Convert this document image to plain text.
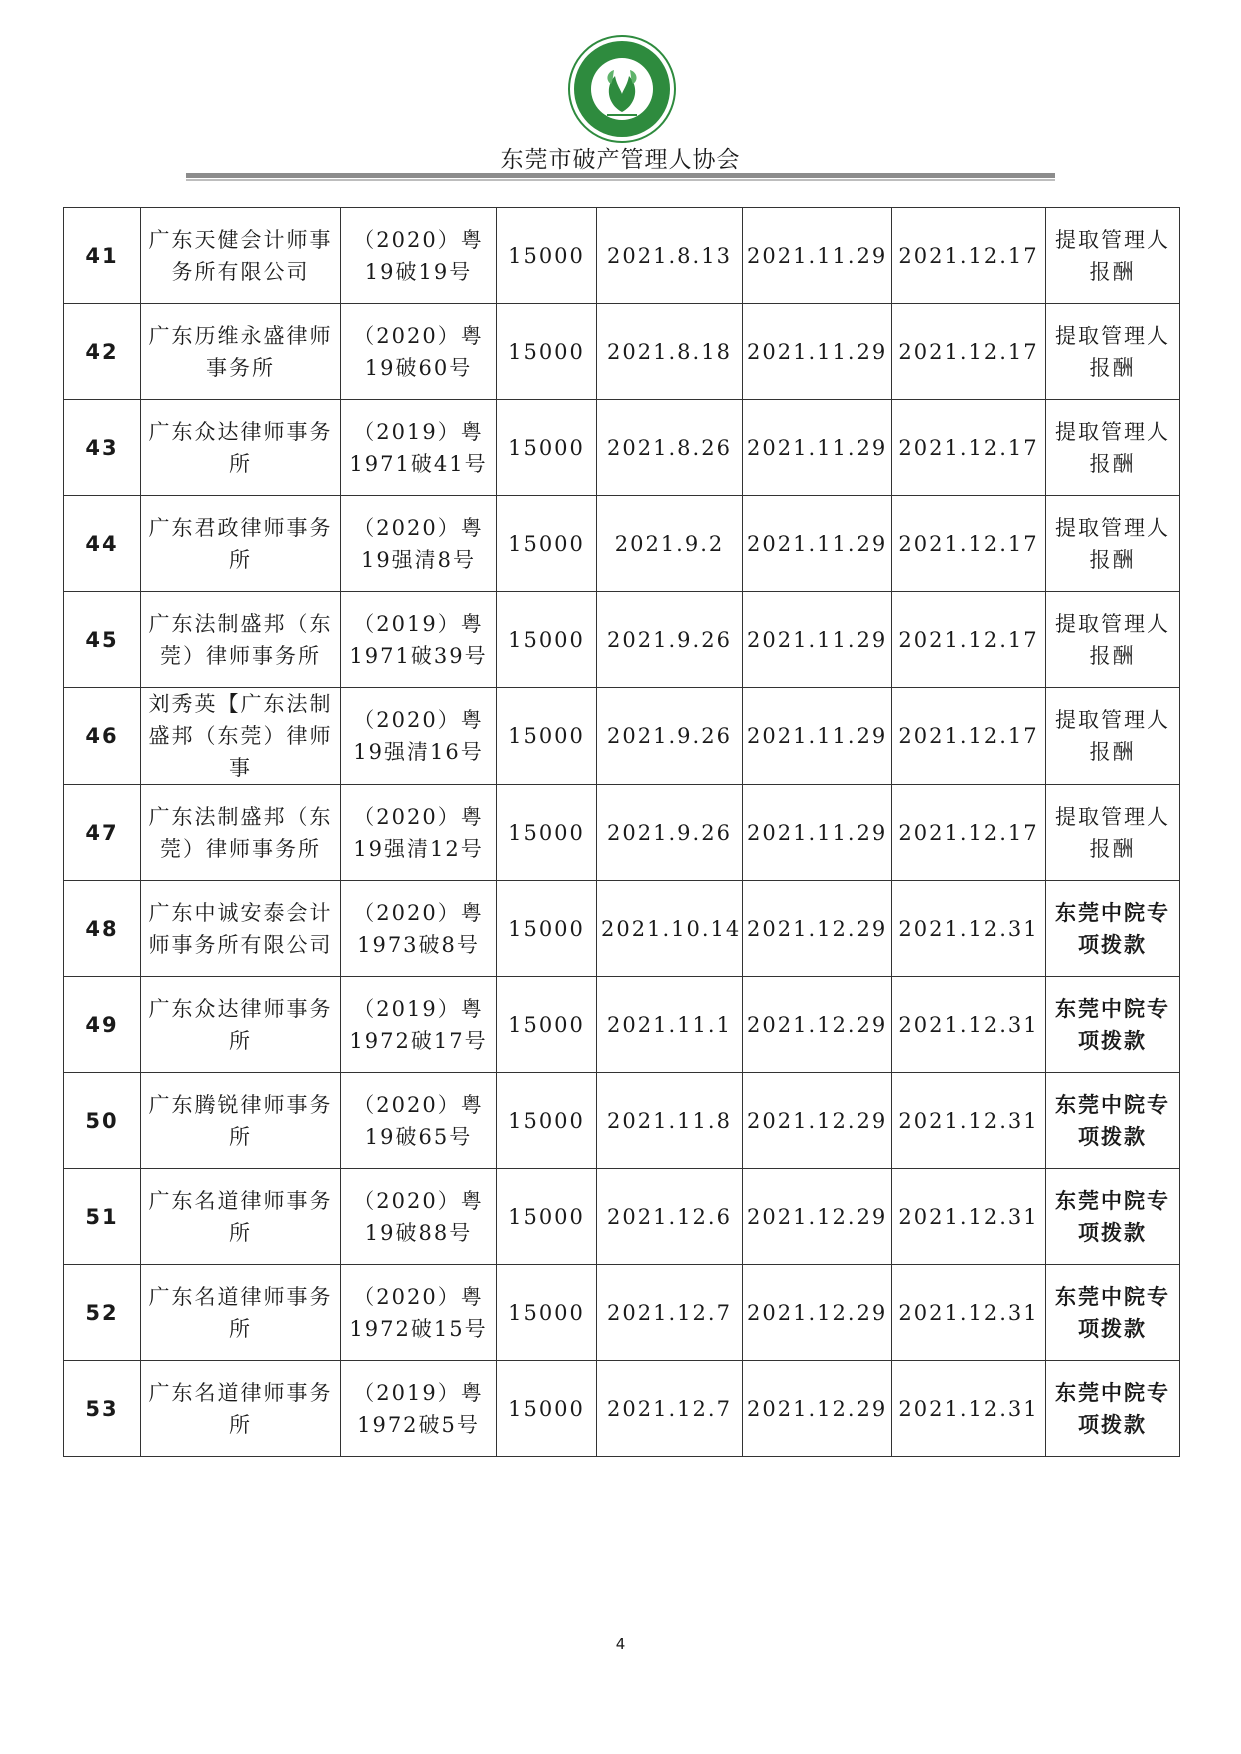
东莞市破产管理人协会
东莞市破产管理人协会
41	广东天健会计师事务所有限公司	（2020）粤19破19号	15000	2021.8.13	2021.11.29	2021.12.17	提取管理人报酬
42	广东历维永盛律师事务所	（2020）粤19破60号	15000	2021.8.18	2021.11.29	2021.12.17	提取管理人报酬
43	广东众达律师事务所	（2019）粤1971破41号	15000	2021.8.26	2021.11.29	2021.12.17	提取管理人报酬
44	广东君政律师事务所	（2020）粤19强清8号	15000	2021.9.2	2021.11.29	2021.12.17	提取管理人报酬
45	广东法制盛邦（东莞）律师事务所	（2019）粤1971破39号	15000	2021.9.26	2021.11.29	2021.12.17	提取管理人报酬
46	刘秀英【广东法制盛邦（东莞）律师事	（2020）粤19强清16号	15000	2021.9.26	2021.11.29	2021.12.17	提取管理人报酬
47	广东法制盛邦（东莞）律师事务所	（2020）粤19强清12号	15000	2021.9.26	2021.11.29	2021.12.17	提取管理人报酬
48	广东中诚安泰会计师事务所有限公司	（2020）粤1973破8号	15000	2021.10.14	2021.12.29	2021.12.31	东莞中院专项拨款
49	广东众达律师事务所	（2019）粤1972破17号	15000	2021.11.1	2021.12.29	2021.12.31	东莞中院专项拨款
50	广东腾锐律师事务所	（2020）粤19破65号	15000	2021.11.8	2021.12.29	2021.12.31	东莞中院专项拨款
51	广东名道律师事务所	（2020）粤19破88号	15000	2021.12.6	2021.12.29	2021.12.31	东莞中院专项拨款
52	广东名道律师事务所	（2020）粤1972破15号	15000	2021.12.7	2021.12.29	2021.12.31	东莞中院专项拨款
53	广东名道律师事务所	（2019）粤1972破5号	15000	2021.12.7	2021.12.29	2021.12.31	东莞中院专项拨款
4
